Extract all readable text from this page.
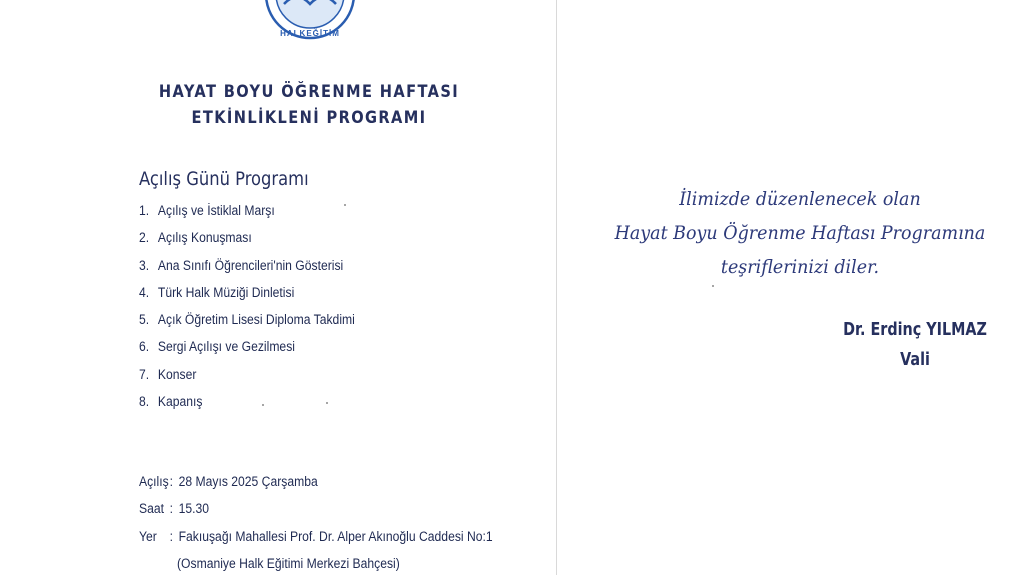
HALKEĞİTİM
HAYAT BOYU ÖĞRENME HAFTASI
ETKİNLİKLENİ PROGRAMI
Açılış Günü Programı
1. Açılış ve İstiklal Marşı
2. Açılış Konuşması
3. Ana Sınıfı Öğrencileri'nin Gösterisi
4. Türk Halk Müziği Dinletisi
5. Açık Öğretim Lisesi Diploma Takdimi
6. Sergi Açılışı ve Gezilmesi
7. Konser
8. Kapanış
Açılış: 28 Mayıs 2025 Çarşamba
Saat : 15.30
Yer : Fakıuşağı Mahallesi Prof. Dr. Alper Akınoğlu Caddesi No:1
(Osmaniye Halk Eğitimi Merkezi Bahçesi)
İlimizde düzenlenecek olan
Hayat Boyu Öğrenme Haftası Programına
teşriflerinizi diler.
Dr. Erdinç YILMAZ
Vali
